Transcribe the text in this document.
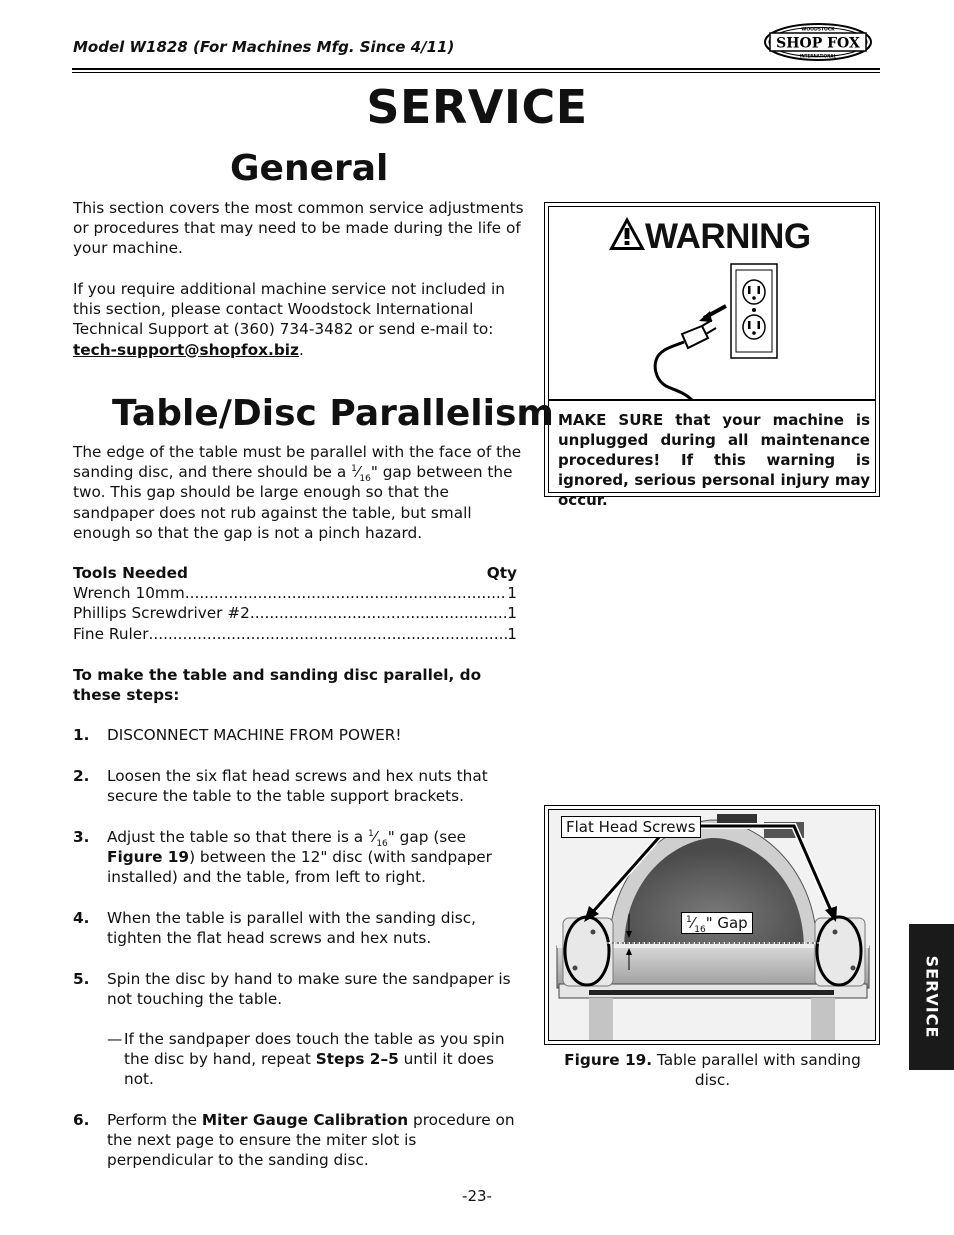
Model W1828 (For Machines Mfg. Since 4/11)	SHOP FOX
WOODSTOCK
INTERNATIONAL
SERVICE
General
This section covers the most common service adjustments or procedures that may need to be made during the life of your machine.
If you require additional machine service not included in this section, please contact Woodstock International Technical Support at (360) 734-3482 or send e-mail to: tech-support@shopfox.biz.
WARNING
MAKE SURE that your machine is unplugged during all maintenance procedures! If this warning is ignored, serious personal injury may occur.
Table/Disc Parallelism
The edge of the table must be parallel with the face of the sanding disc, and there should be a $^1⁄_{16}$" gap between the two. This gap should be large enough so that the sandpaper does not rub against the table, but small enough so that the gap is not a pinch hazard.
Tools Needed	Qty
Wrench 10mm .....	1
Phillips Screwdriver #2 .....	1
Fine Ruler .....	1
To make the table and sanding disc parallel, do these steps:
1. DISCONNECT MACHINE FROM POWER!
2. Loosen the six flat head screws and hex nuts that secure the table to the table support brackets.
3. Adjust the table so that there is a $^1⁄_{16}$" gap (see Figure 19) between the 12" disc (with sandpaper installed) and the table, from left to right.
4. When the table is parallel with the sanding disc, tighten the flat head screws and hex nuts.
5. Spin the disc by hand to make sure the sandpaper is not touching the table.
— If the sandpaper does touch the table as you spin the disc by hand, repeat Steps 2–5 until it does not.
6. Perform the Miter Gauge Calibration procedure on the next page to ensure the miter slot is perpendicular to the sanding disc.
Flat Head Screws
$^1⁄_{16}$" Gap
Figure 19. Table parallel with sanding disc.
SERVICE
-23-
